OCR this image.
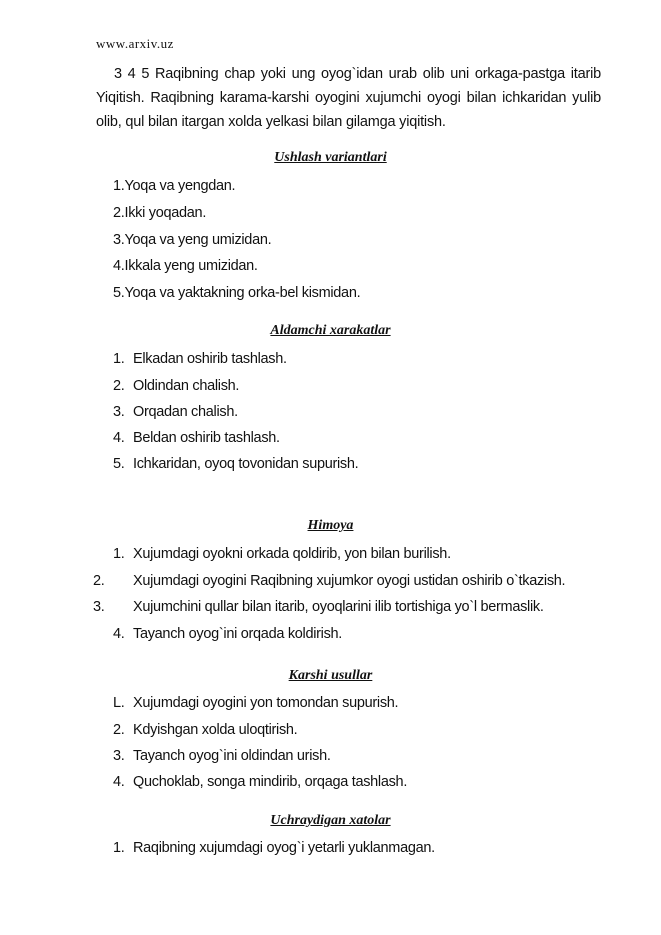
www.arxiv.uz
3 4 5 Raqibning chap yoki ung oyog`idan urab olib uni orkaga-pastga itarib Yiqitish. Raqibning karama-karshi oyogini xujumchi oyogi bilan ichkaridan yulib olib, qul bilan itargan xolda yelkasi bilan gilamga yiqitish.
Ushlash variantlari
1.Yoqa va yengdan.
2.Ikki yoqadan.
3.Yoqa va yeng umizidan.
4.Ikkala yeng umizidan.
5.Yoqa va yaktakning orka-bel kismidan.
Aldamchi xarakatlar
1. Elkadan oshirib tashlash.
2. Oldindan chalish.
3. Orqadan chalish.
4. Beldan oshirib tashlash.
5. Ichkaridan, oyoq tovonidan supurish.
Himoya
1. Xujumdagi oyokni orkada qoldirib, yon bilan burilish.
2. Xujumdagi oyogini Raqibning xujumkor oyogi ustidan oshirib o`tkazish.
3. Xujumchini qullar bilan itarib, oyoqlarini ilib tortishiga yo`l bermaslik.
4. Tayanch oyog`ini orqada koldirish.
Karshi usullar
L. Xujumdagi oyogini yon tomondan supurish.
2. Kdyishgan xolda uloqtirish.
3. Tayanch oyog`ini oldindan urish.
4. Quchoklab, songa mindirib, orqaga tashlash.
Uchraydigan xatolar
1. Raqibning xujumdagi oyog`i yetarli yuklanmagan.
